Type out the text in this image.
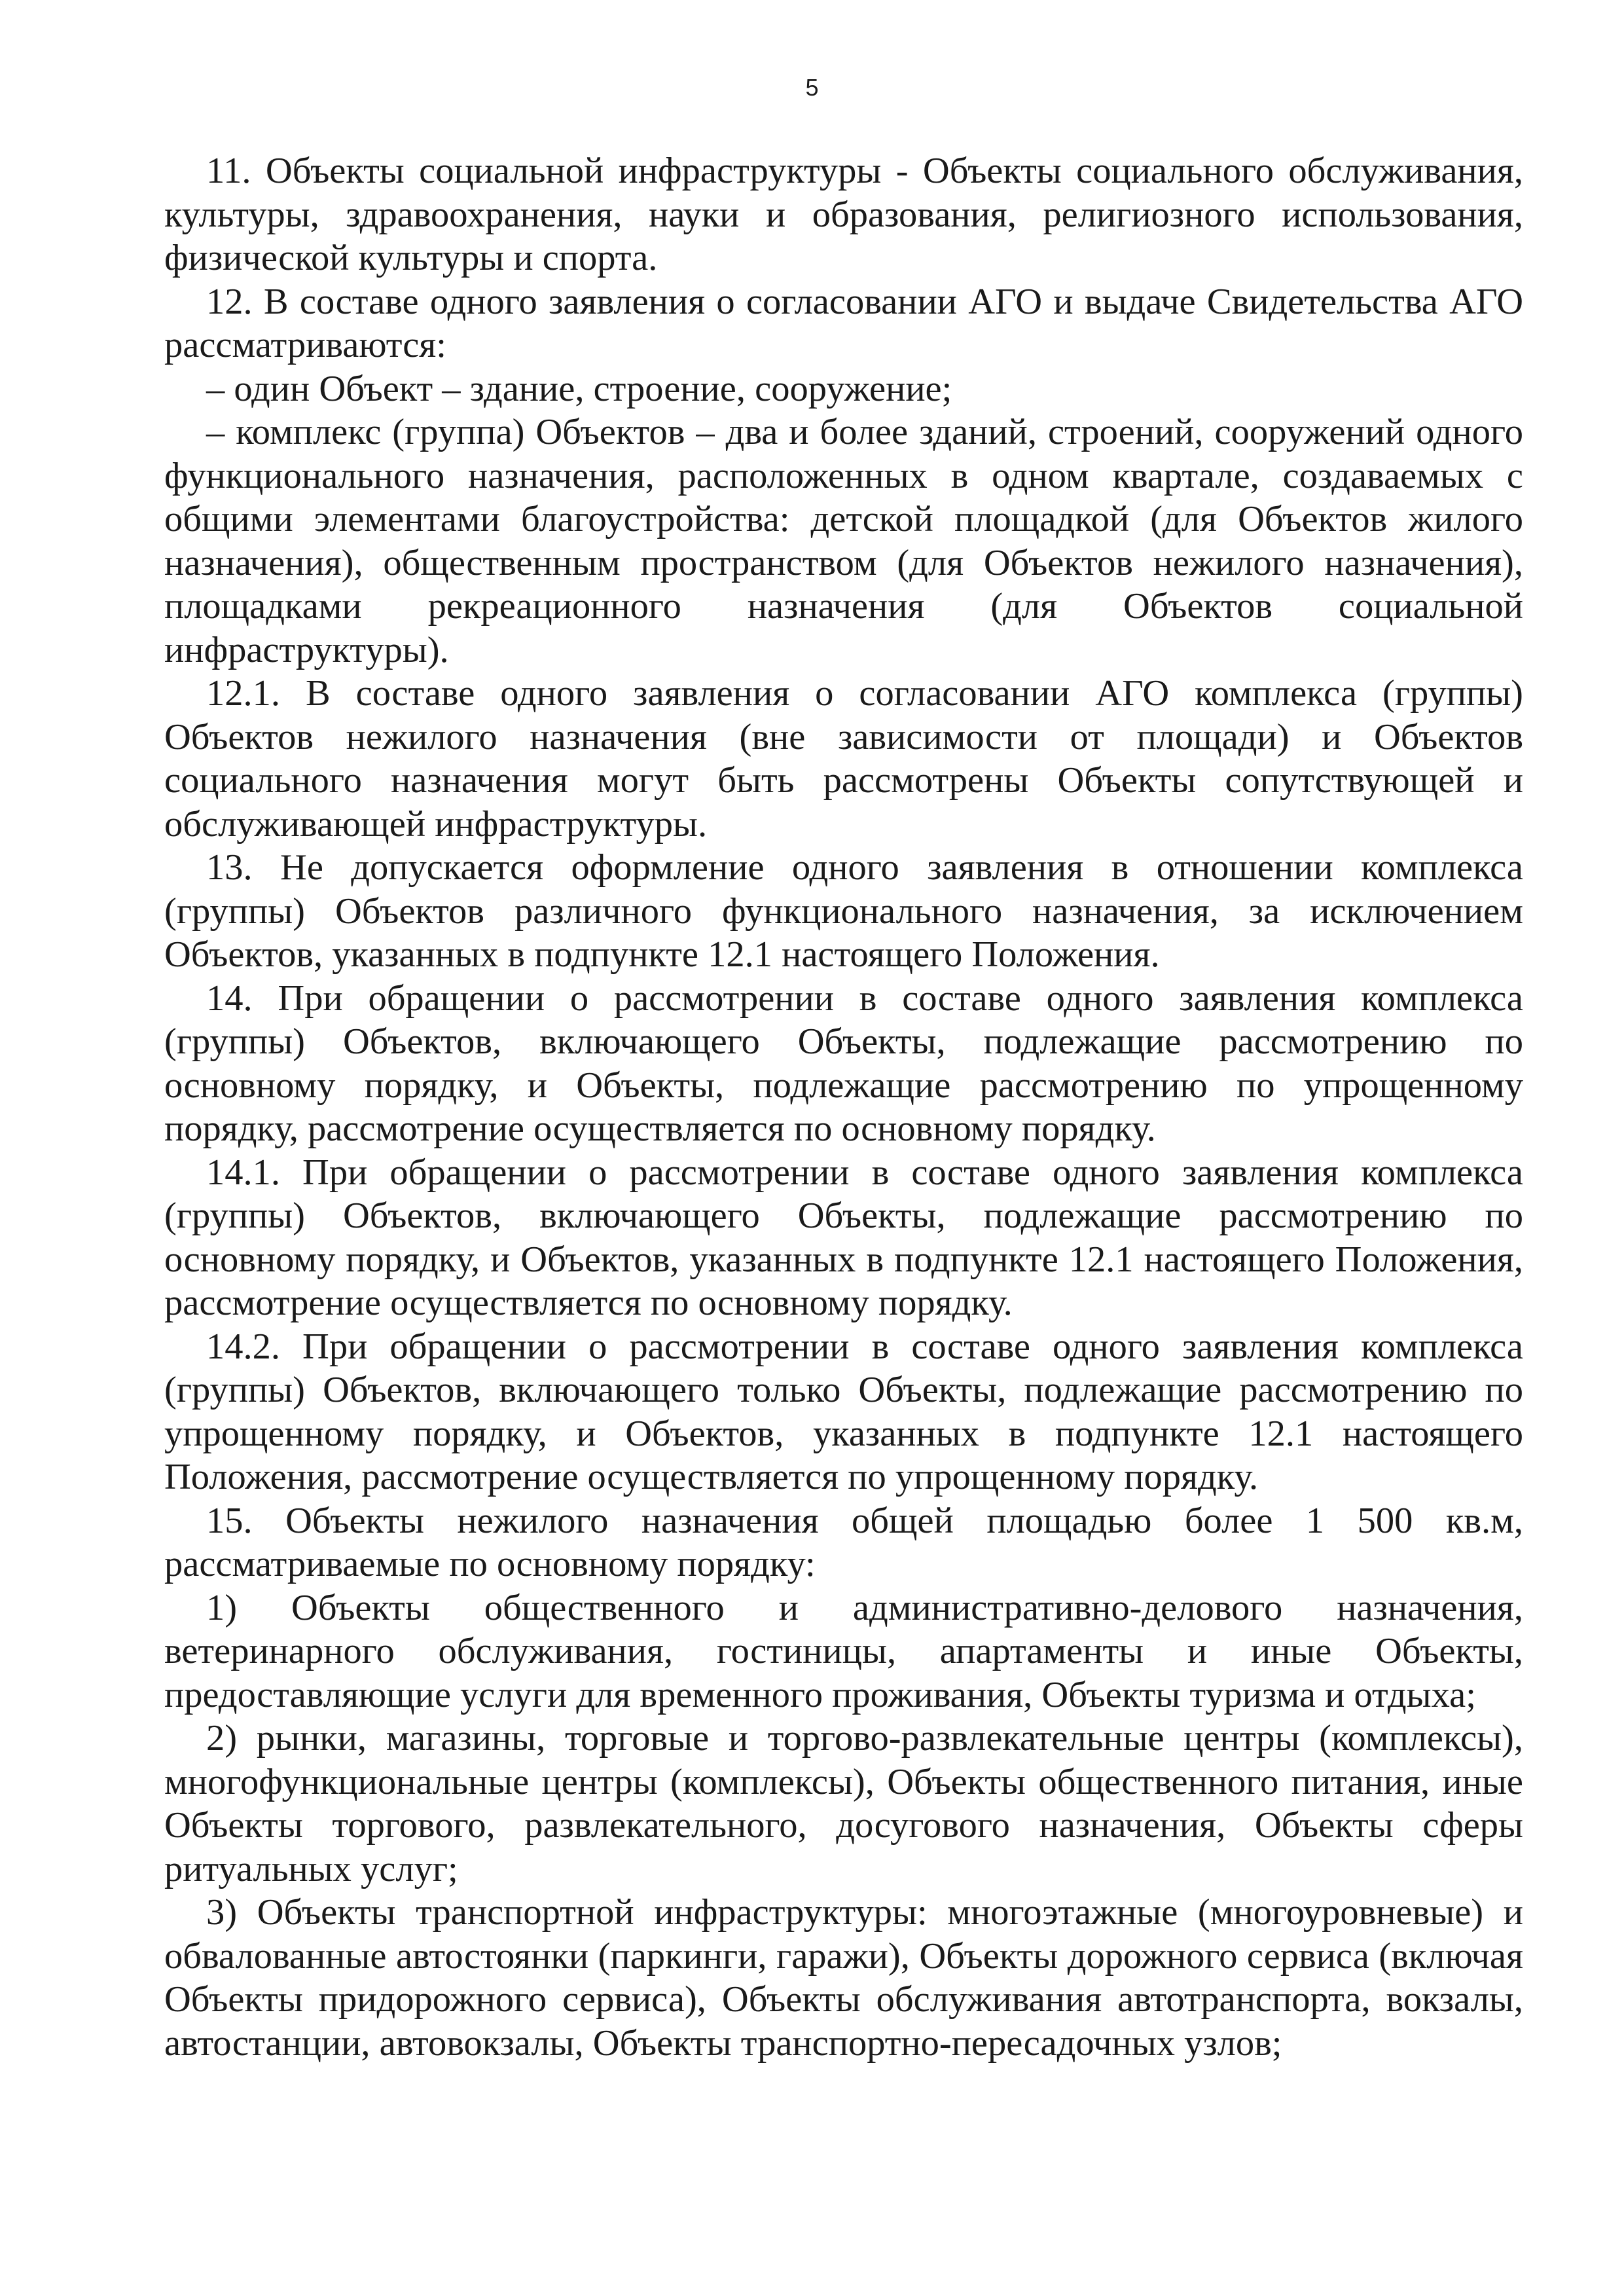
5

11. Объекты социальной инфраструктуры - Объекты социального обслуживания, культуры, здравоохранения, науки и образования, религиозного использования, физической культуры и спорта.

12. В составе одного заявления о согласовании АГО и выдаче Свидетельства АГО рассматриваются:

– один Объект – здание, строение, сооружение;

– комплекс (группа) Объектов – два и более зданий, строений, сооружений одного функционального назначения, расположенных в одном квартале, создаваемых с общими элементами благоустройства: детской площадкой (для Объектов жилого назначения), общественным пространством (для Объектов нежилого назначения), площадками рекреационного назначения (для Объектов социальной инфраструктуры).

12.1. В составе одного заявления о согласовании АГО комплекса (группы) Объектов нежилого назначения (вне зависимости от площади) и Объектов социального назначения могут быть рассмотрены Объекты сопутствующей и обслуживающей инфраструктуры.

13. Не допускается оформление одного заявления в отношении комплекса (группы) Объектов различного функционального назначения, за исключением Объектов, указанных в подпункте 12.1 настоящего Положения.

14. При обращении о рассмотрении в составе одного заявления комплекса (группы) Объектов, включающего Объекты, подлежащие рассмотрению по основному порядку, и Объекты, подлежащие рассмотрению по упрощенному порядку, рассмотрение осуществляется по основному порядку.

14.1. При обращении о рассмотрении в составе одного заявления комплекса (группы) Объектов, включающего Объекты, подлежащие рассмотрению по основному порядку, и Объектов, указанных в подпункте 12.1 настоящего Положения, рассмотрение осуществляется по основному порядку.

14.2. При обращении о рассмотрении в составе одного заявления комплекса (группы) Объектов, включающего только Объекты, подлежащие рассмотрению по упрощенному порядку, и Объектов, указанных в подпункте 12.1 настоящего Положения, рассмотрение осуществляется по упрощенному порядку.

15. Объекты нежилого назначения общей площадью более 1 500 кв.м, рассматриваемые по основному порядку:

1) Объекты общественного и административно-делового назначения, ветеринарного обслуживания, гостиницы, апартаменты и иные Объекты, предоставляющие услуги для временного проживания, Объекты туризма и отдыха;

2) рынки, магазины, торговые и торгово-развлекательные центры (комплексы), многофункциональные центры (комплексы), Объекты общественного питания, иные Объекты торгового, развлекательного, досугового назначения, Объекты сферы ритуальных услуг;

3) Объекты транспортной инфраструктуры: многоэтажные (многоуровневые) и обвалованные автостоянки (паркинги, гаражи), Объекты дорожного сервиса (включая Объекты придорожного сервиса), Объекты обслуживания автотранспорта, вокзалы, автостанции, автовокзалы, Объекты транспортно-пересадочных узлов;
